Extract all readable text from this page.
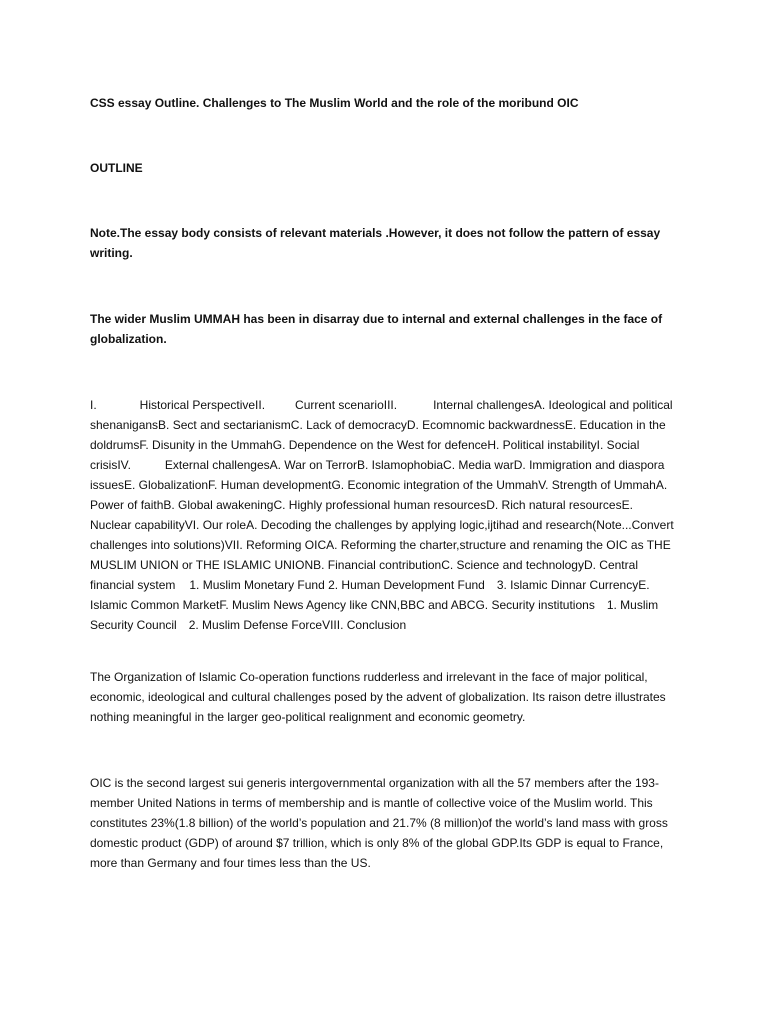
CSS essay Outline. Challenges to The Muslim World and the role of the moribund OIC

OUTLINE

Note.The essay body consists of relevant materials .However, it does not follow the pattern of essay writing.

The wider Muslim UMMAH has been in disarray due to internal and external challenges in the face of globalization.

I.	Historical PerspectiveII.	Current scenarioIII.	Internal challengesA. Ideological and political shenanigansB. Sect and sectarianismC. Lack of democracyD. Ecomnomic backwardnessE. Education in the doldrumsF. Disunity in the UmmahG. Dependence on the West for defenceH. Political instabilityI. Social crisisIV.	External challengesA. War on TerrorB. IslamophobiaC. Media warD. Immigration and diaspora issuesE. GlobalizationF. Human developmentG. Economic integration of the UmmahV. Strength of UmmahA. Power of faithB. Global awakeningC. Highly professional human resourcesD. Rich natural resourcesE. Nuclear capabilityVI. Our roleA. Decoding the challenges by applying logic,ijtihad and research(Note...Convert challenges into solutions)VII. Reforming OICA. Reforming the charter,structure and renaming the OIC as THE MUSLIM UNION or THE ISLAMIC UNIONB. Financial contributionC. Science and technologyD. Central financial system 1. Muslim Monetary Fund 2. Human Development Fund 3. Islamic Dinnar CurrencyE. Islamic Common MarketF. Muslim News Agency like CNN,BBC and ABCG. Security institutions 1. Muslim Security Council 2. Muslim Defense ForceVIII. Conclusion

The Organization of Islamic Co-operation functions rudderless and irrelevant in the face of major political, economic, ideological and cultural challenges posed by the advent of globalization. Its raison detre illustrates nothing meaningful in the larger geo-political realignment and economic geometry.

OIC is the second largest sui generis intergovernmental organization with all the 57 members after the 193-member United Nations in terms of membership and is mantle of collective voice of the Muslim world. This constitutes 23%(1.8 billion) of the world’s population and 21.7% (8 million)of the world’s land mass with gross domestic product (GDP) of around $7 trillion, which is only 8% of the global GDP.Its GDP is equal to France, more than Germany and four times less than the US.
